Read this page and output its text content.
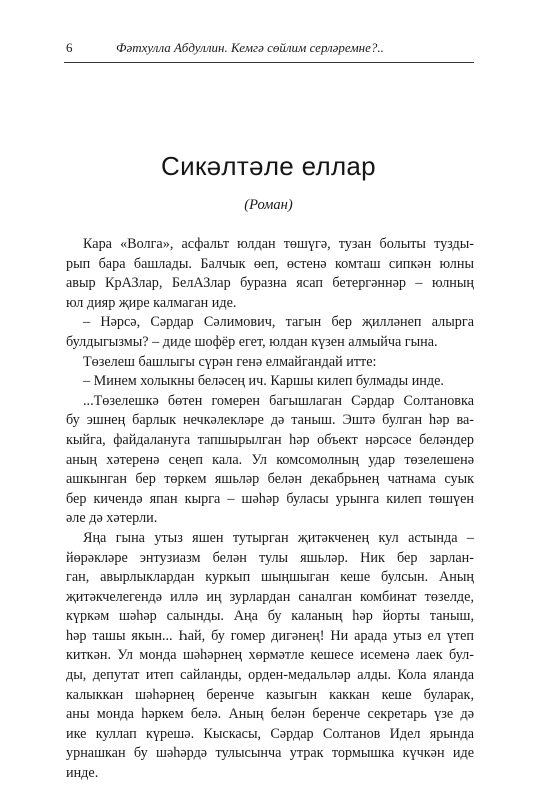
6	Фәтхулла Абдуллин. Кемгә сөйлим серләремне?..
Сикәлтәле еллар
(Роман)
Кара «Волга», асфальт юлдан төшүгә, тузан болыты тузды-
рып бара башлады. Балчык өеп, өстенә комташ сипкән юлны
авыр КрАЗлар, БелАЗлар буразна ясап бетергәннәр – юлның
юл дияр җире калмаган иде.
– Нәрсә, Сәрдар Сәлимович, тагын бер җилләнеп алырга
булдыгызмы? – диде шофёр егет, юлдан күзен алмыйча гына.
Төзелеш башлыгы сүрән генә елмайгандай итте:
– Минем холыкны беләсең ич. Каршы килеп булмады инде.
...Төзелешкә бөтен гомерен багышлаган Сәрдар Солтановка
бу эшнең барлык нечкәлекләре дә таныш. Эштә булган һәр ва-
кыйга, файдалануга тапшырылган һәр объект нәрсәсе беләндер
аның хәтеренә сеңеп кала. Ул комсомолның удар төзелешенә
ашкынган бер төркем яшьләр белән декабрьнең чатнама суык
бер кичендә япан кырга – шәһәр буласы урынга килеп төшүен
әле дә хәтерли.
Яңа гына утыз яшен тутырган җитәкченең кул астында –
йөрәкләре энтузиазм белән тулы яшьләр. Ник бер зарлан-
ган, авырлыклардан куркып шыңшыган кеше булсын. Аның
җитәкчелегендә иллә иң зурлардан саналган комбинат төзелде,
күркәм шәһәр салынды. Аңа бу каланың һәр йорты таныш,
һәр ташы якын... Һай, бу гомер дигәнең! Ни арада утыз ел үтеп
киткән. Ул монда шәһәрнең хөрмәтле кешесе исеменә лаек бул-
ды, депутат итеп сайланды, орден-медальләр алды. Кола яланда
калыккан шәһәрнең беренче казыгын каккан кеше буларак,
аны монда һәркем белә. Аның белән беренче секретарь үзе дә
ике куллап күрешә. Кыскасы, Сәрдар Солтанов Идел ярында
урнашкан бу шәһәрдә тулысынча утрак тормышка күчкән иде
инде.
